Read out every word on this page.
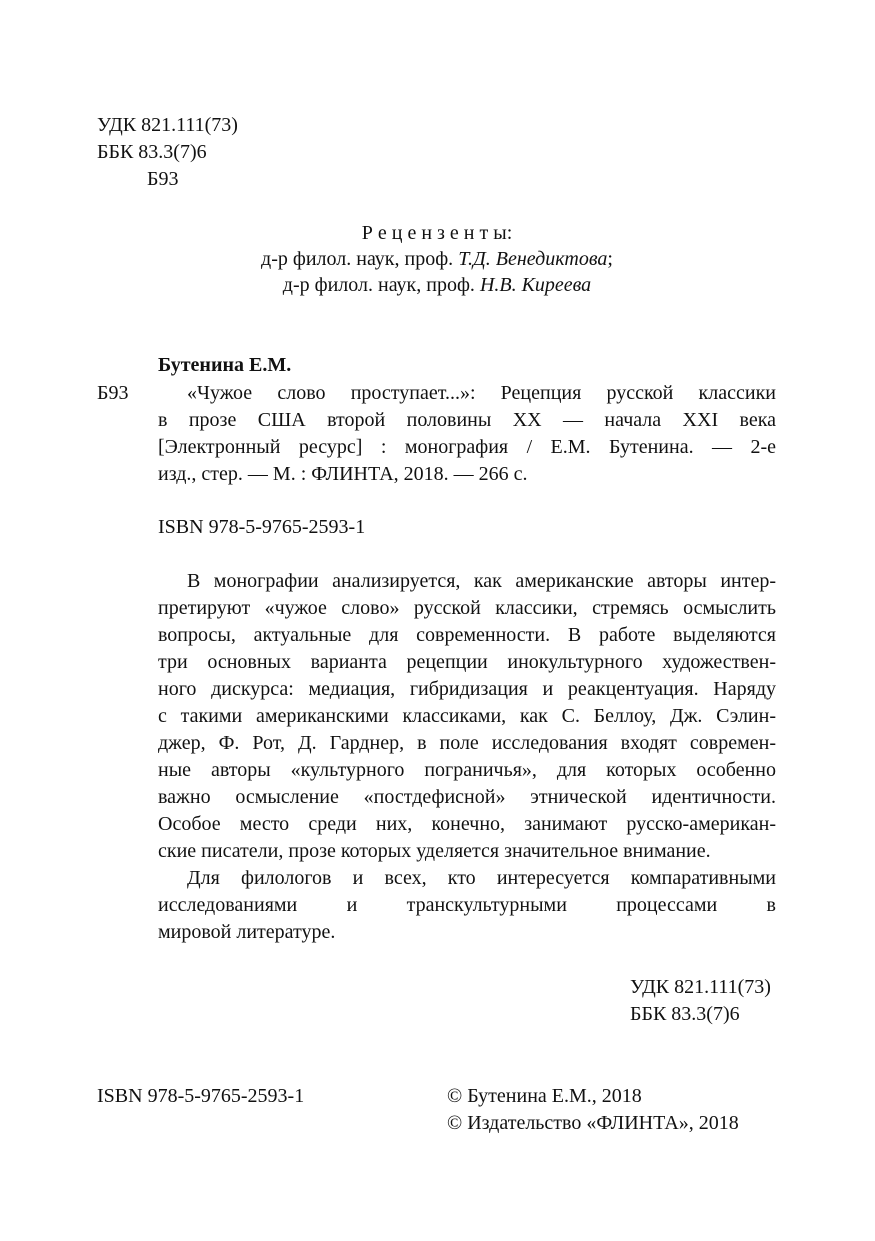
УДК 821.111(73)
ББК 83.3(7)6
Б93
Р е ц е н з е н т ы:
д-р филол. наук, проф. Т.Д. Венедиктова;
д-р филол. наук, проф. Н.В. Киреева
Бутенина Е.М.
Б93	«Чужое слово проступает...»: Рецепция русской классики
в прозе США второй половины XX — начала XXI века
[Электронный ресурс] : монография / Е.М. Бутенина. — 2-е
изд., стер. — М. : ФЛИНТА, 2018. — 266 с.
ISBN 978-5-9765-2593-1
В монографии анализируется, как американские авторы интер-
претируют «чужое слово» русской классики, стремясь осмыслить
вопросы, актуальные для современности. В работе выделяются
три основных варианта рецепции инокультурного художествен-
ного дискурса: медиация, гибридизация и реакцентуация. Наряду
с такими американскими классиками, как С. Беллоу, Дж. Сэлин-
джер, Ф. Рот, Д. Гарднер, в поле исследования входят современ-
ные авторы «культурного пограничья», для которых особенно
важно осмысление «постдефисной» этнической идентичности.
Особое место среди них, конечно, занимают русско-американ-
ские писатели, прозе которых уделяется значительное внимание.
Для филологов и всех, кто интересуется компаративными
исследованиями и транскультурными процессами в
мировой литературе.
УДК 821.111(73)
ББК 83.3(7)6
ISBN 978-5-9765-2593-1	© Бутенина Е.М., 2018
© Издательство «ФЛИНТА», 2018
